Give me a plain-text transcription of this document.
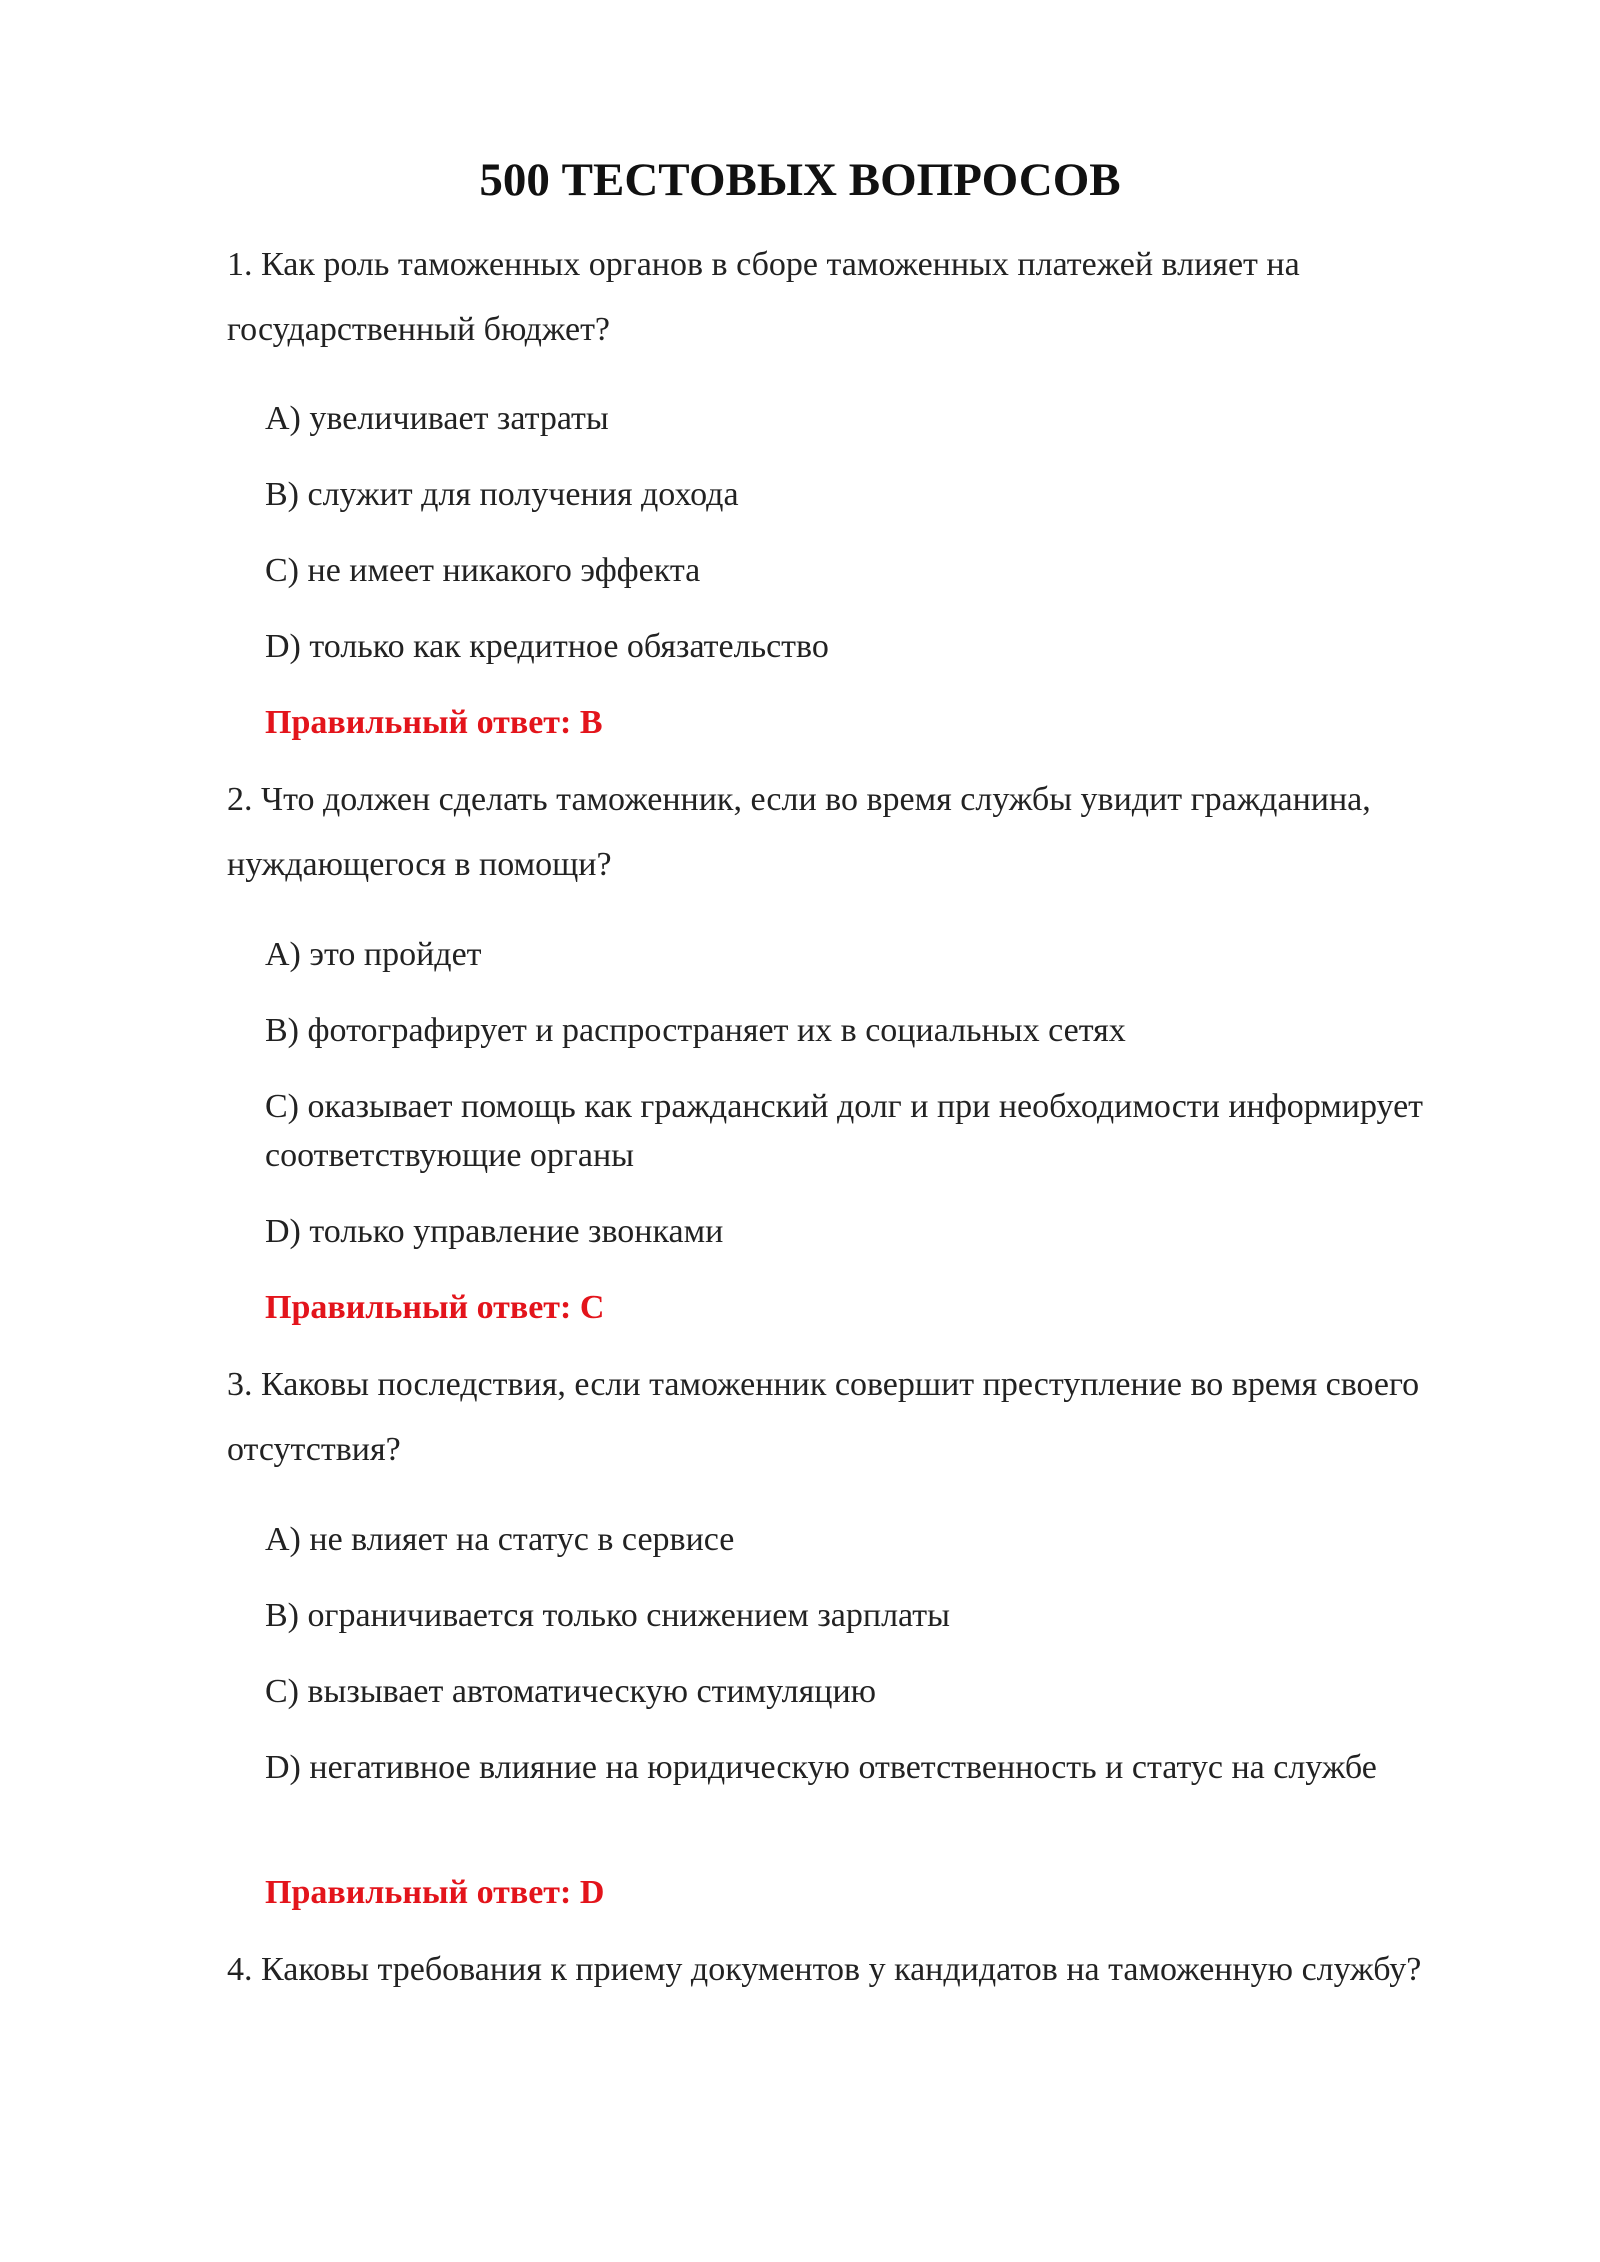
500 ТЕСТОВЫХ ВОПРОСОВ

1. Как роль таможенных органов в сборе таможенных платежей влияет на государственный бюджет?

A) увеличивает затраты

B) служит для получения дохода

C) не имеет никакого эффекта

D) только как кредитное обязательство

Правильный ответ: B

2. Что должен сделать таможенник, если во время службы увидит гражданина, нуждающегося в помощи?

A) это пройдет

B) фотографирует и распространяет их в социальных сетях

C) оказывает помощь как гражданский долг и при необходимости информирует соответствующие органы

D) только управление звонками

Правильный ответ: C

3. Каковы последствия, если таможенник совершит преступление во время своего отсутствия?

A) не влияет на статус в сервисе

B) ограничивается только снижением зарплаты

C) вызывает автоматическую стимуляцию

D) негативное влияние на юридическую ответственность и статус на службе

Правильный ответ: D

4. Каковы требования к приему документов у кандидатов на таможенную службу?
